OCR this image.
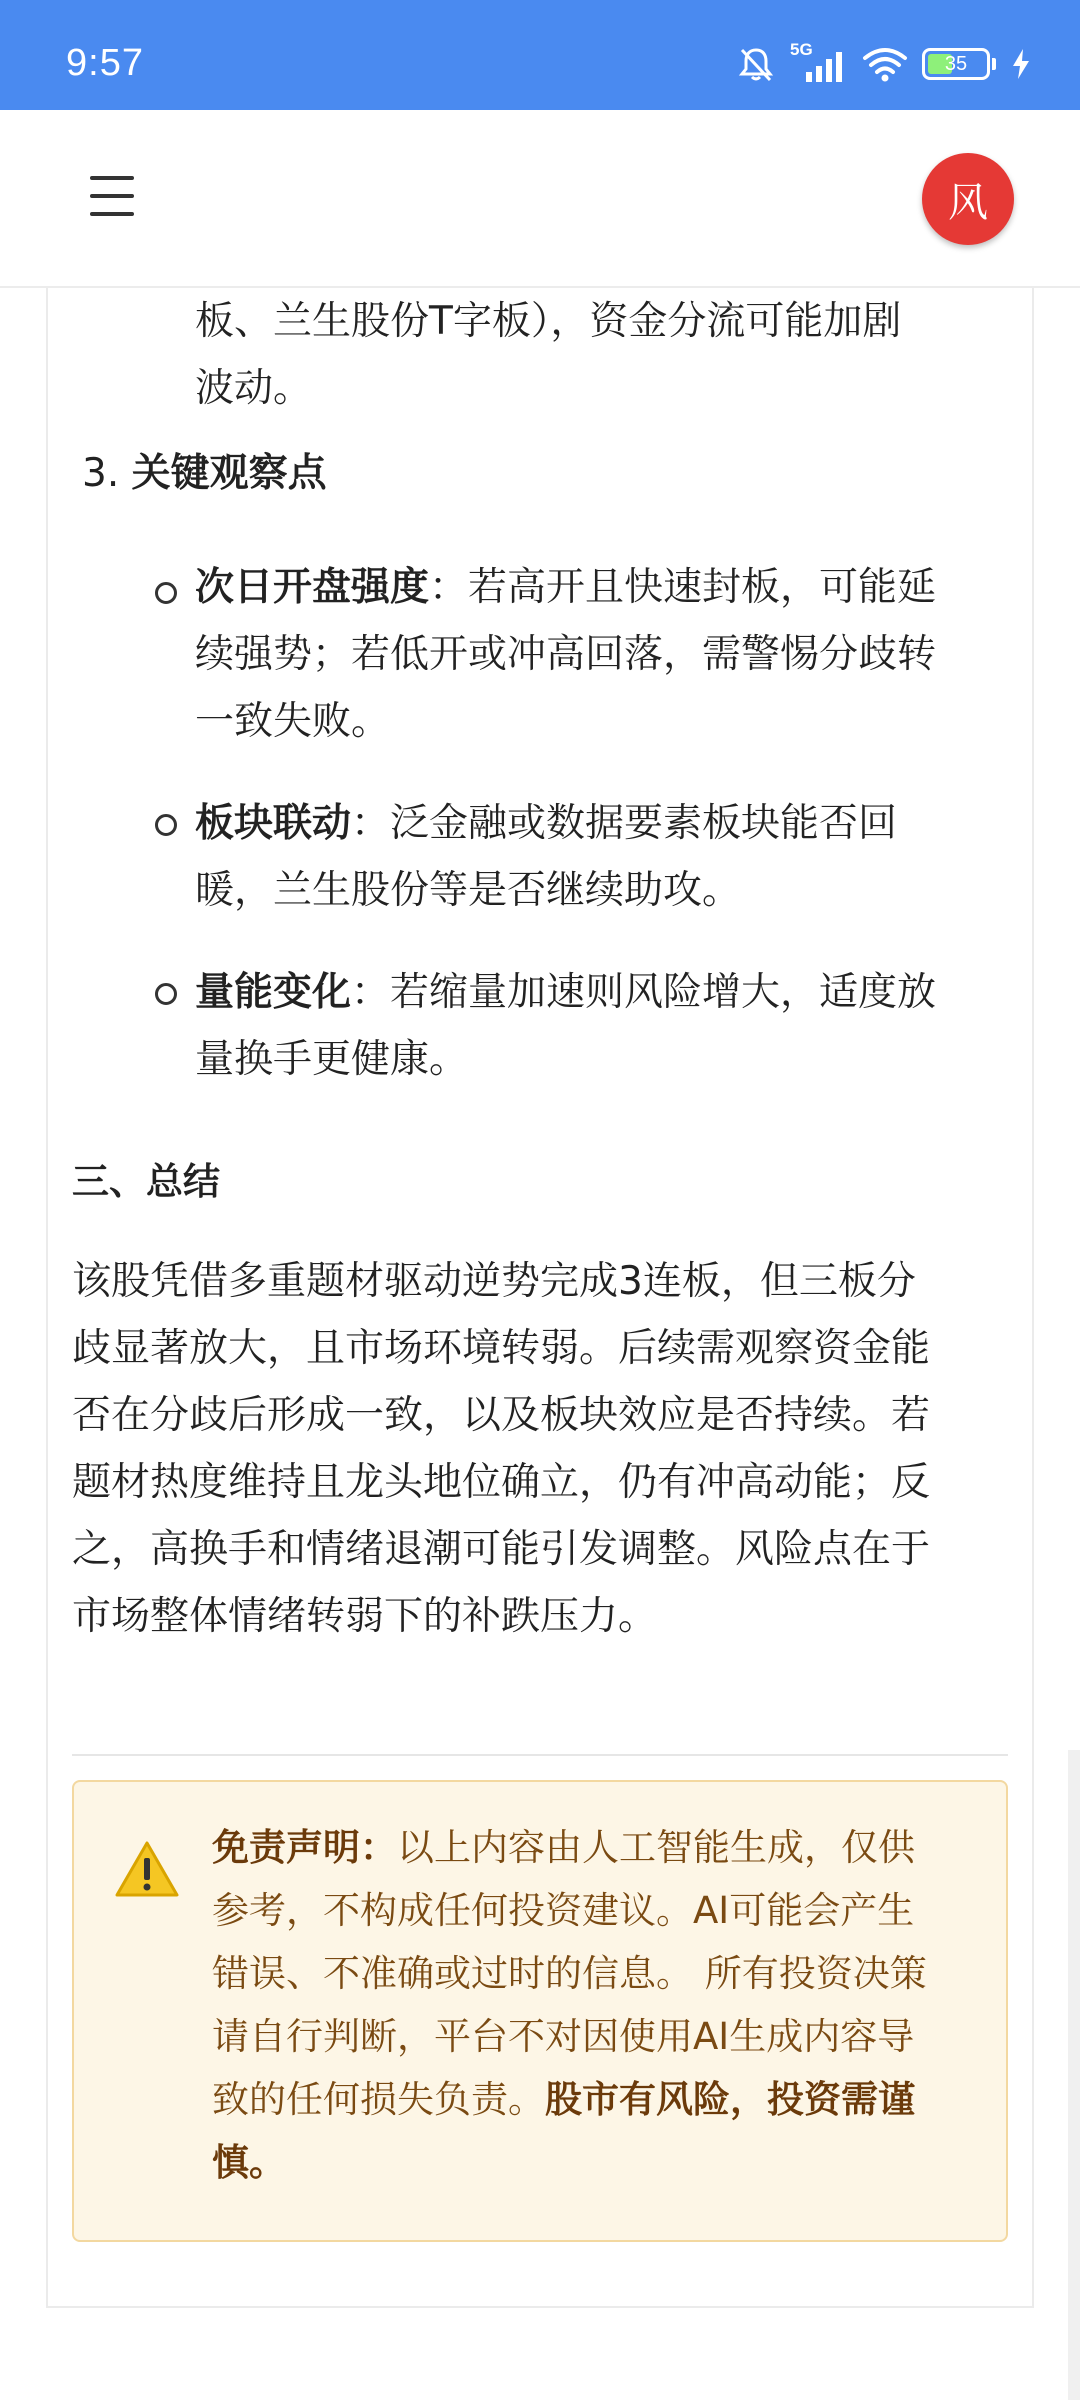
9:57	5G
35
风
板、兰生股份T字板），资金分流可能加剧
波动。
3. 关键观察点
次日开盘强度：若高开且快速封板，可能延
续强势；若低开或冲高回落，需警惕分歧转
一致失败。
板块联动：泛金融或数据要素板块能否回
暖，兰生股份等是否继续助攻。
量能变化：若缩量加速则风险增大，适度放
量换手更健康。
三、总结
该股凭借多重题材驱动逆势完成3连板，但三板分
歧显著放大，且市场环境转弱。后续需观察资金能
否在分歧后形成一致，以及板块效应是否持续。若
题材热度维持且龙头地位确立，仍有冲高动能；反
之，高换手和情绪退潮可能引发调整。风险点在于
市场整体情绪转弱下的补跌压力。
免责声明：以上内容由人工智能生成，仅供
参考，不构成任何投资建议。AI可能会产生
错误、不准确或过时的信息。 所有投资决策
请自行判断，平台不对因使用AI生成内容导
致的任何损失负责。股市有风险，投资需谨
慎。
